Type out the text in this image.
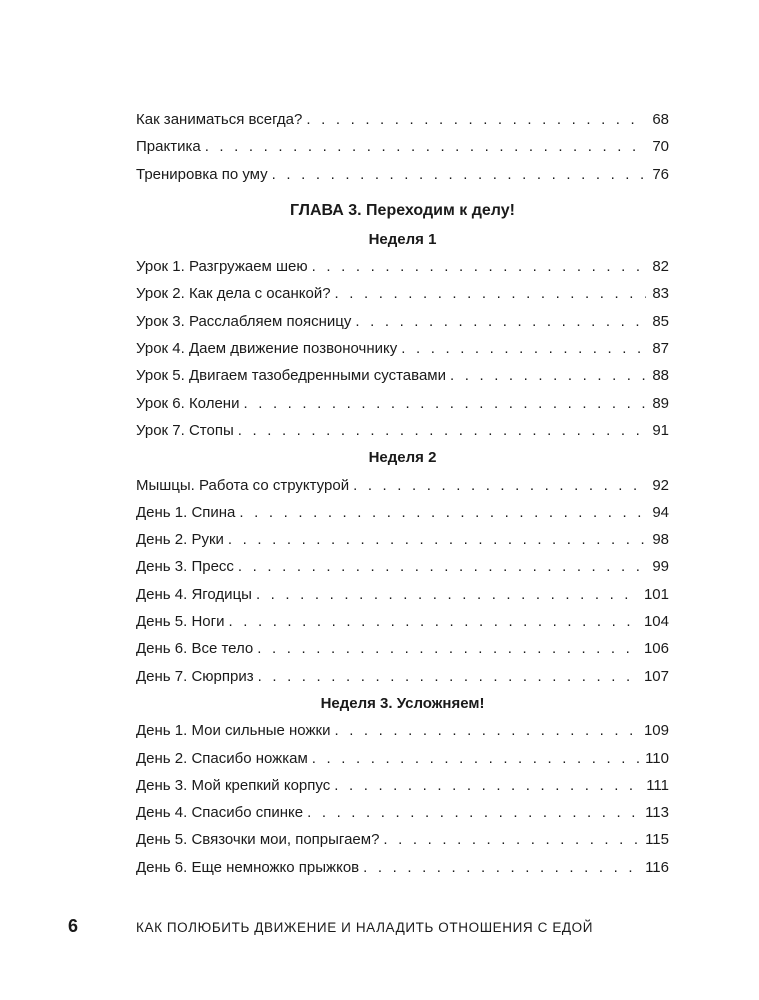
Как заниматься всегда? . . .	68
Практика . . .	70
Тренировка по уму . . .	76
ГЛАВА 3. Переходим к делу!
Неделя 1
Урок 1. Разгружаем шею . . .	82
Урок 2. Как дела с осанкой? . . .	83
Урок 3. Расслабляем поясницу . . .	85
Урок 4. Даем движение позвоночнику . . .	87
Урок 5. Двигаем тазобедренными суставами . . .	88
Урок 6. Колени . . .	89
Урок 7. Стопы . . .	91
Неделя 2
Мышцы. Работа со структурой . . .	92
День 1. Спина . . .	94
День 2. Руки . . .	98
День 3. Пресс . . .	99
День 4. Ягодицы . . .	101
День 5. Ноги . . .	104
День 6. Все тело . . .	106
День 7. Сюрприз . . .	107
Неделя 3. Усложняем!
День 1. Мои сильные ножки . . .	109
День 2. Спасибо ножкам . . .	110
День 3. Мой крепкий корпус . . .	111
День 4. Спасибо спинке . . .	113
День 5. Связочки мои, попрыгаем? . . .	115
День 6. Еще немножко прыжков . . .	116
6	КАК ПОЛЮБИТЬ ДВИЖЕНИЕ И НАЛАДИТЬ ОТНОШЕНИЯ С ЕДОЙ
